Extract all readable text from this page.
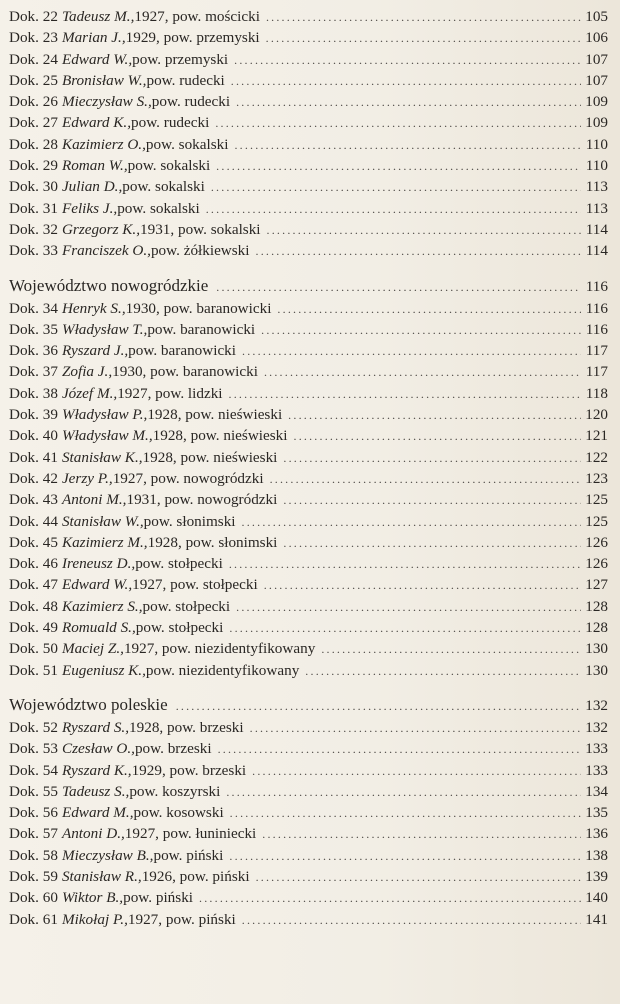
Dok. 22 Tadeusz M., 1927, pow. mościcki .....	105
Dok. 23 Marian J., 1929, pow. przemyski .....	106
Dok. 24 Edward W., pow. przemyski .....	107
Dok. 25 Bronisław W., pow. rudecki .....	107
Dok. 26 Mieczysław S., pow. rudecki .....	109
Dok. 27 Edward K., pow. rudecki .....	109
Dok. 28 Kazimierz O., pow. sokalski .....	110
Dok. 29 Roman W., pow. sokalski .....	110
Dok. 30 Julian D., pow. sokalski .....	113
Dok. 31 Feliks J., pow. sokalski .....	113
Dok. 32 Grzegorz K., 1931, pow. sokalski .....	114
Dok. 33 Franciszek O., pow. żółkiewski .....	114
Województwo nowogródzkie .....	116
Dok. 34 Henryk S., 1930, pow. baranowicki .....	116
Dok. 35 Władysław T., pow. baranowicki .....	116
Dok. 36 Ryszard J., pow. baranowicki .....	117
Dok. 37 Zofia J., 1930, pow. baranowicki .....	117
Dok. 38 Józef M., 1927, pow. lidzki .....	118
Dok. 39 Władysław P., 1928, pow. nieświeski .....	120
Dok. 40 Władysław M., 1928, pow. nieświeski .....	121
Dok. 41 Stanisław K., 1928, pow. nieświeski .....	122
Dok. 42 Jerzy P., 1927, pow. nowogródzki .....	123
Dok. 43 Antoni M., 1931, pow. nowogródzki .....	125
Dok. 44 Stanisław W., pow. słonimski .....	125
Dok. 45 Kazimierz M., 1928, pow. słonimski .....	126
Dok. 46 Ireneusz D., pow. stołpecki .....	126
Dok. 47 Edward W., 1927, pow. stołpecki .....	127
Dok. 48 Kazimierz S., pow. stołpecki .....	128
Dok. 49 Romuald S., pow. stołpecki .....	128
Dok. 50 Maciej Z., 1927, pow. niezidentyfikowany .....	130
Dok. 51 Eugeniusz K., pow. niezidentyfikowany .....	130
Województwo poleskie .....	132
Dok. 52 Ryszard S., 1928, pow. brzeski .....	132
Dok. 53 Czesław O., pow. brzeski .....	133
Dok. 54 Ryszard K., 1929, pow. brzeski .....	133
Dok. 55 Tadeusz S., pow. koszyrski .....	134
Dok. 56 Edward M., pow. kosowski .....	135
Dok. 57 Antoni D., 1927, pow. łuniniecki .....	136
Dok. 58 Mieczysław B., pow. piński .....	138
Dok. 59 Stanisław R., 1926, pow. piński .....	139
Dok. 60 Wiktor B., pow. piński .....	140
Dok. 61 Mikołaj P., 1927, pow. piński .....	141
